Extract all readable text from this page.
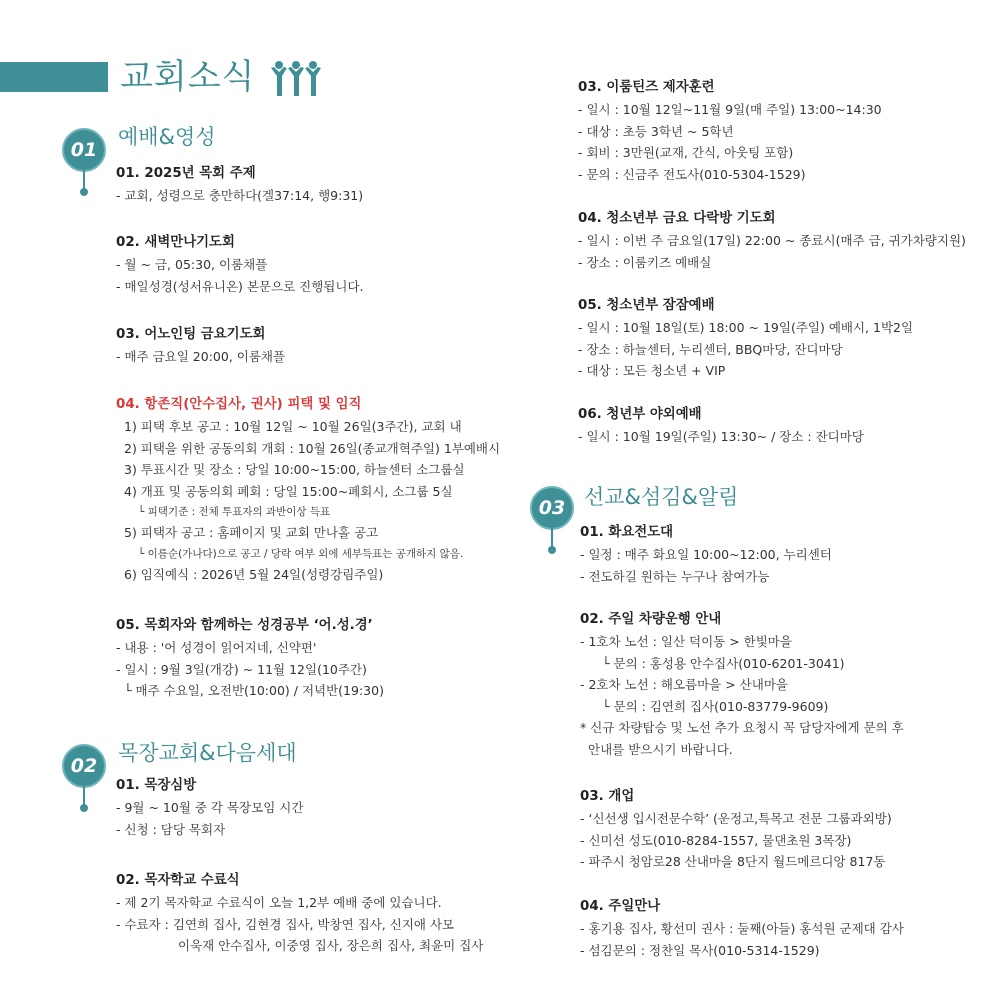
교회소식
01
예배&영성
01. 2025년 목회 주제
- 교회, 성령으로 충만하다(겔37:14, 행9:31)
02. 새벽만나기도회
- 월 ~ 금, 05:30, 이룸채플
- 매일성경(성서유니온) 본문으로 진행됩니다.
03. 어노인팅 금요기도회
- 매주 금요일 20:00, 이룸채플
04. 항존직(안수집사, 권사) 피택 및 임직
1) 피택 후보 공고 : 10월 12일 ~ 10월 26일(3주간), 교회 내
2) 피택을 위한 공동의회 개회 : 10월 26일(종교개혁주일) 1부예배시
3) 투표시간 및 장소 : 당일 10:00~15:00, 하늘센터 소그룹실
4) 개표 및 공동의회 폐회 : 당일 15:00~폐회시, 소그룹 5실
└ 피택기준 : 전체 투표자의 과반이상 득표
5) 피택자 공고 : 홈페이지 및 교회 만나홀 공고
└ 이름순(가나다)으로 공고 / 당락 여부 외에 세부득표는 공개하지 않음.
6) 임직예식 : 2026년 5월 24일(성령강림주일)
05. 목회자와 함께하는 성경공부 ‘어.성.경’
- 내용 : '어 성경이 읽어지네, 신약편'
- 일시 : 9월 3일(개강) ~ 11월 12일(10주간)
└ 매주 수요일, 오전반(10:00) / 저녁반(19:30)
02
목장교회&다음세대
01. 목장심방
- 9월 ~ 10월 중 각 목장모임 시간
- 신청 : 담당 목회자
02. 목자학교 수료식
- 제 2기 목자학교 수료식이 오늘 1,2부 예배 중에 있습니다.
- 수료자 : 김연희 집사, 김현경 집사, 박창연 집사, 신지애 사모
이욱재 안수집사, 이중영 집사, 장은희 집사, 최윤미 집사
03. 이룸틴즈 제자훈련
- 일시 : 10월 12일~11월 9일(매 주일) 13:00~14:30
- 대상 : 초등 3학년 ~ 5학년
- 회비 : 3만원(교재, 간식, 아웃팅 포함)
- 문의 : 신금주 전도사(010-5304-1529)
04. 청소년부 금요 다락방 기도회
- 일시 : 이번 주 금요일(17일) 22:00 ~ 종료시(매주 금, 귀가차량지원)
- 장소 : 이룸키즈 예배실
05. 청소년부 잠잠예배
- 일시 : 10월 18일(토) 18:00 ~ 19일(주일) 예배시, 1박2일
- 장소 : 하늘센터, 누리센터, BBQ마당, 잔디마당
- 대상 : 모든 청소년 + VIP
06. 청년부 야외예배
- 일시 : 10월 19일(주일) 13:30~ / 장소 : 잔디마당
03 선교&섬김&알림
01. 화요전도대
- 일정 : 매주 화요일 10:00~12:00, 누리센터
- 전도하길 원하는 누구나 참여가능
02. 주일 차량운행 안내
- 1호차 노선 : 일산 덕이동 > 한빛마을
└ 문의 : 홍성용 안수집사(010-6201-3041)
- 2호차 노선 : 해오름마을 > 산내마을
└ 문의 : 김연희 집사(010-83779-9609)
* 신규 차량탑승 및 노선 추가 요청시 꼭 담당자에게 문의 후
안내를 받으시기 바랍니다.
03. 개업
- ‘신선생 입시전문수학’ (운정고,특목고 전문 그룹과외방)
- 신미선 성도(010-8284-1557, 물댄초원 3목장)
- 파주시 청암로28 산내마을 8단지 월드메르디앙 817동
04. 주일만나
- 홍기용 집사, 황선미 권사 : 둘째(아들) 홍석원 군제대 감사
- 섬김문의 : 정찬일 목사(010-5314-1529)
